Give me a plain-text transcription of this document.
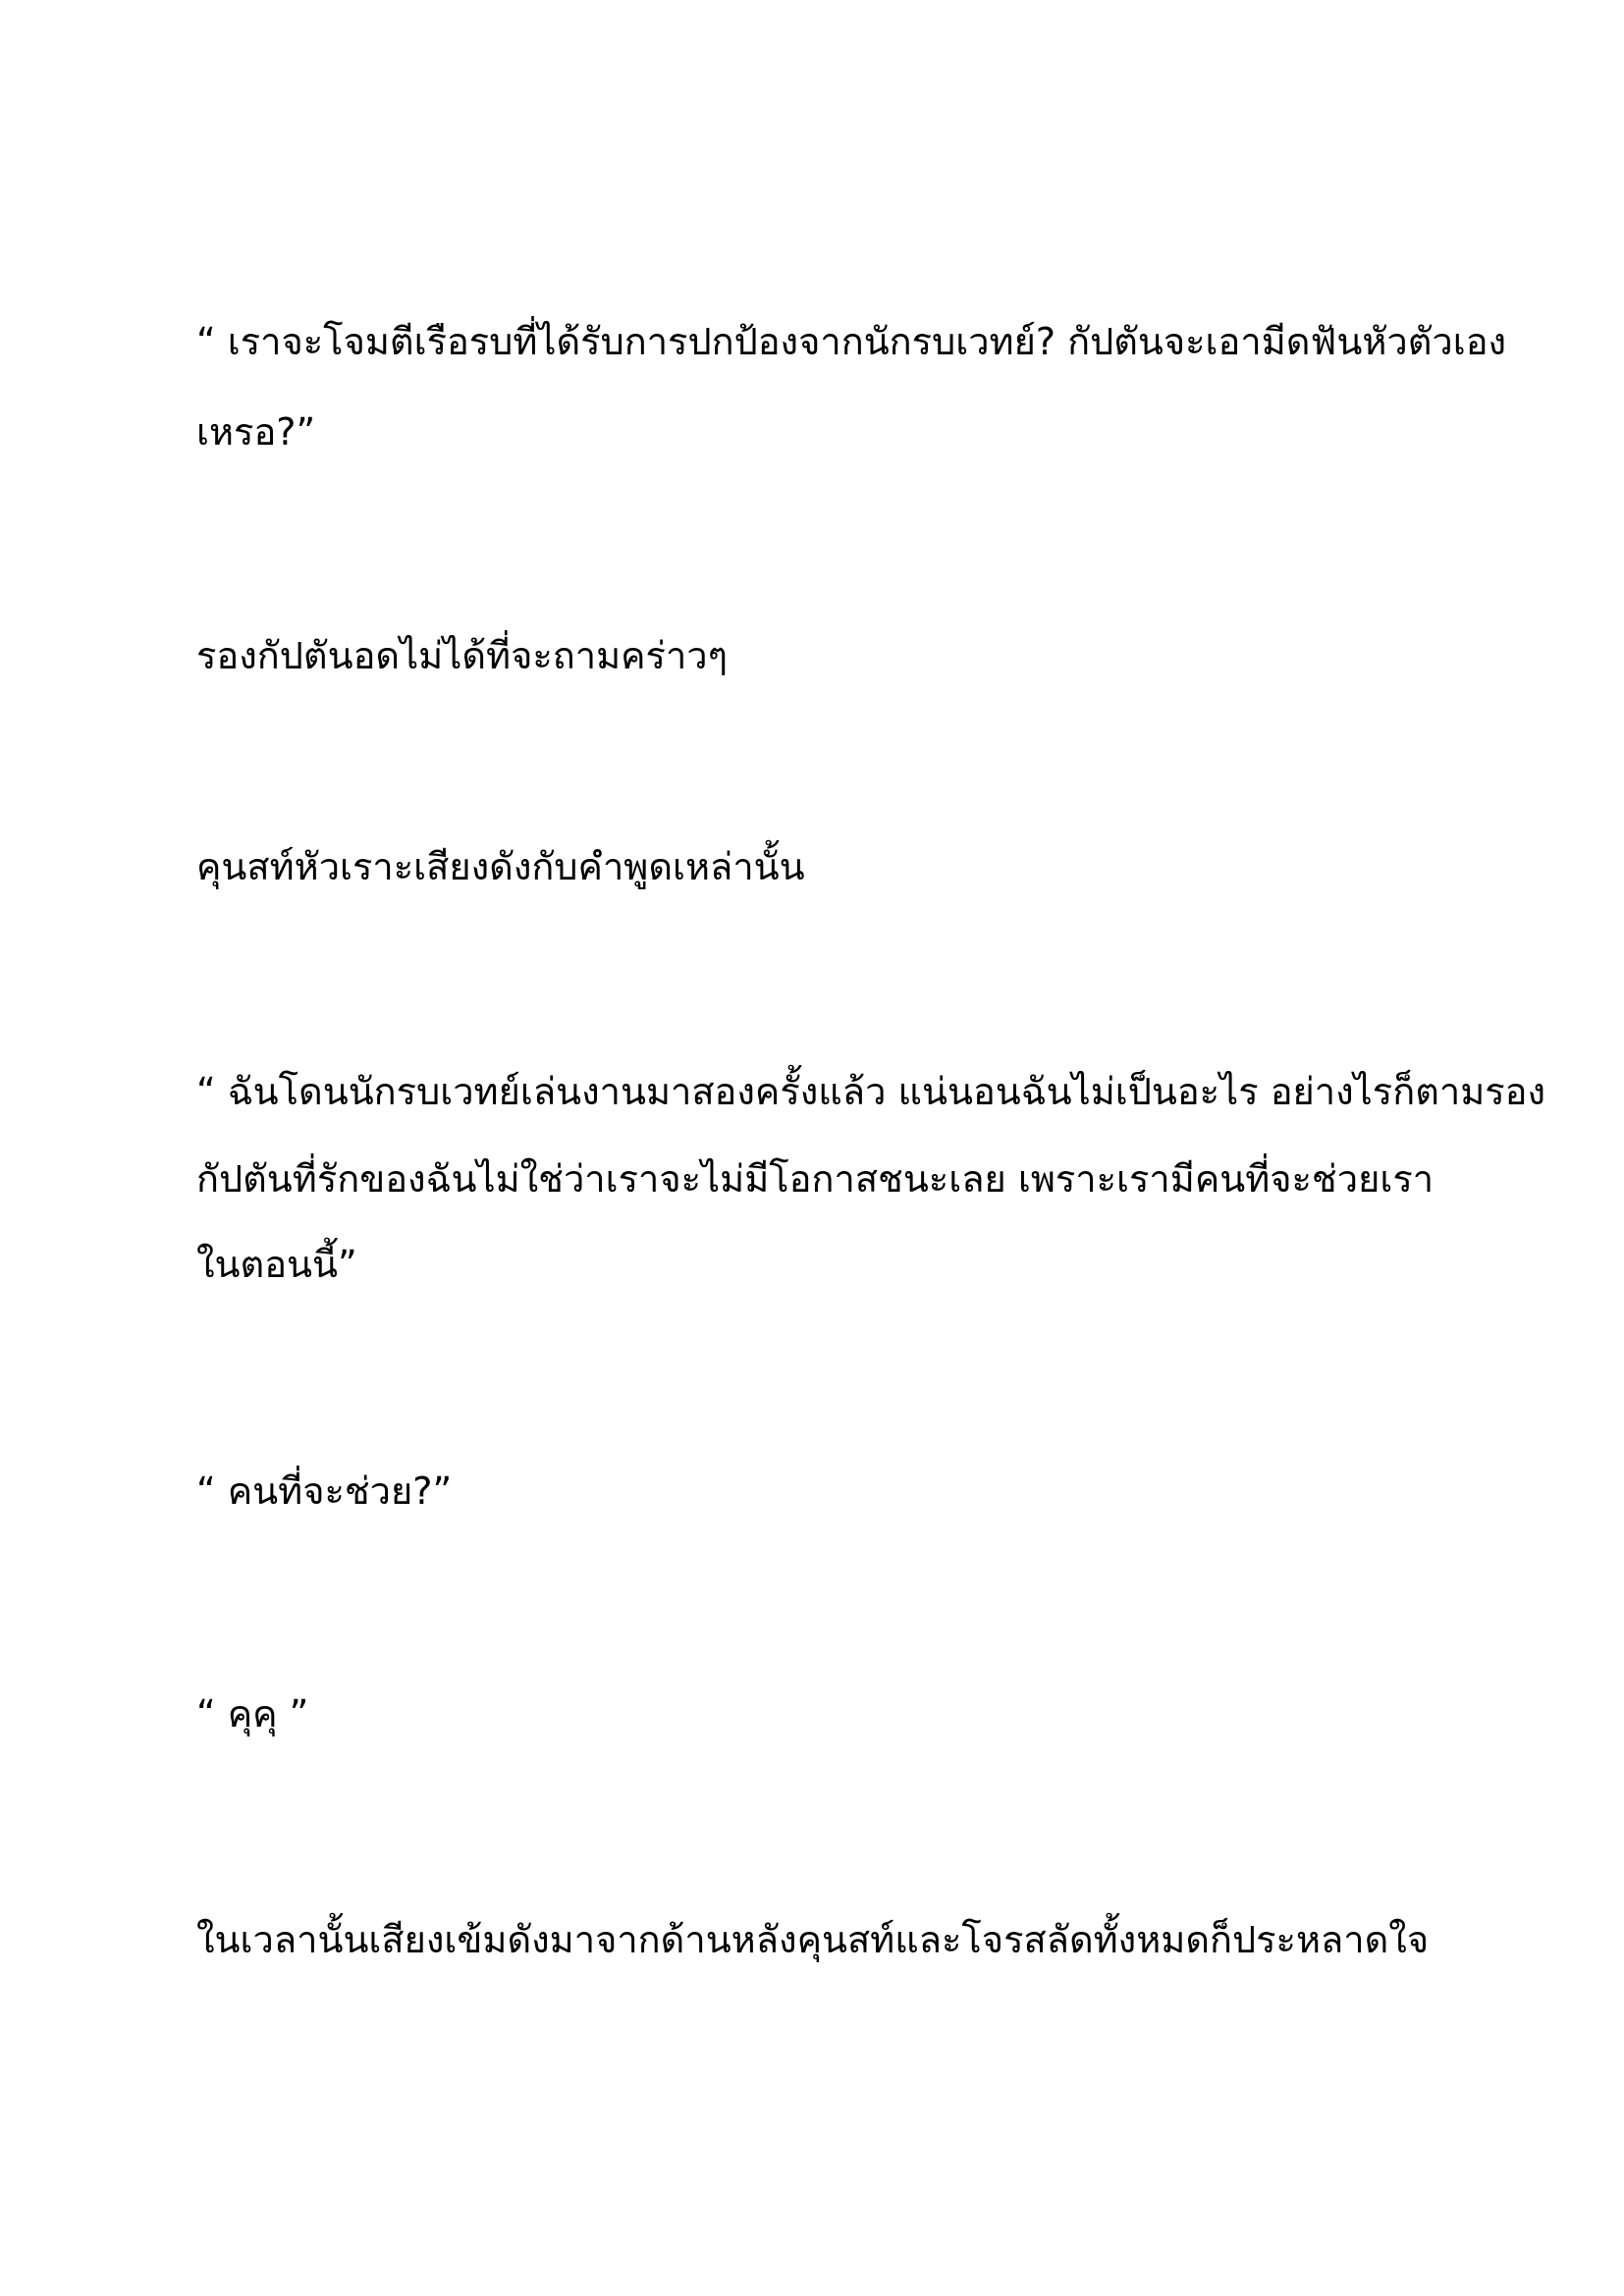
“ เราจะโจมตีเรือรบที่ได้รับการปกป้องจากนักรบเวทย์? กัปตันจะเอามีดฟันหัวตัวเอง

เหรอ?”

รองกัปตันอดไม่ได้ที่จะถามคร่าวๆ

คุนสท์หัวเราะเสียงดังกับคำพูดเหล่านั้น

“ ฉันโดนนักรบเวทย์เล่นงานมาสองครั้งแล้ว แน่นอนฉันไม่เป็นอะไร อย่างไรก็ตามรอง

กัปตันที่รักของฉันไม่ใช่ว่าเราจะไม่มีโอกาสชนะเลย เพราะเรามีคนที่จะช่วยเรา

ในตอนนี้”

“ คนที่จะช่วย?”

“ คุคุ ”

ในเวลานั้นเสียงเข้มดังมาจากด้านหลังคุนสท์และโจรสลัดทั้งหมดก็ประหลาดใจ
